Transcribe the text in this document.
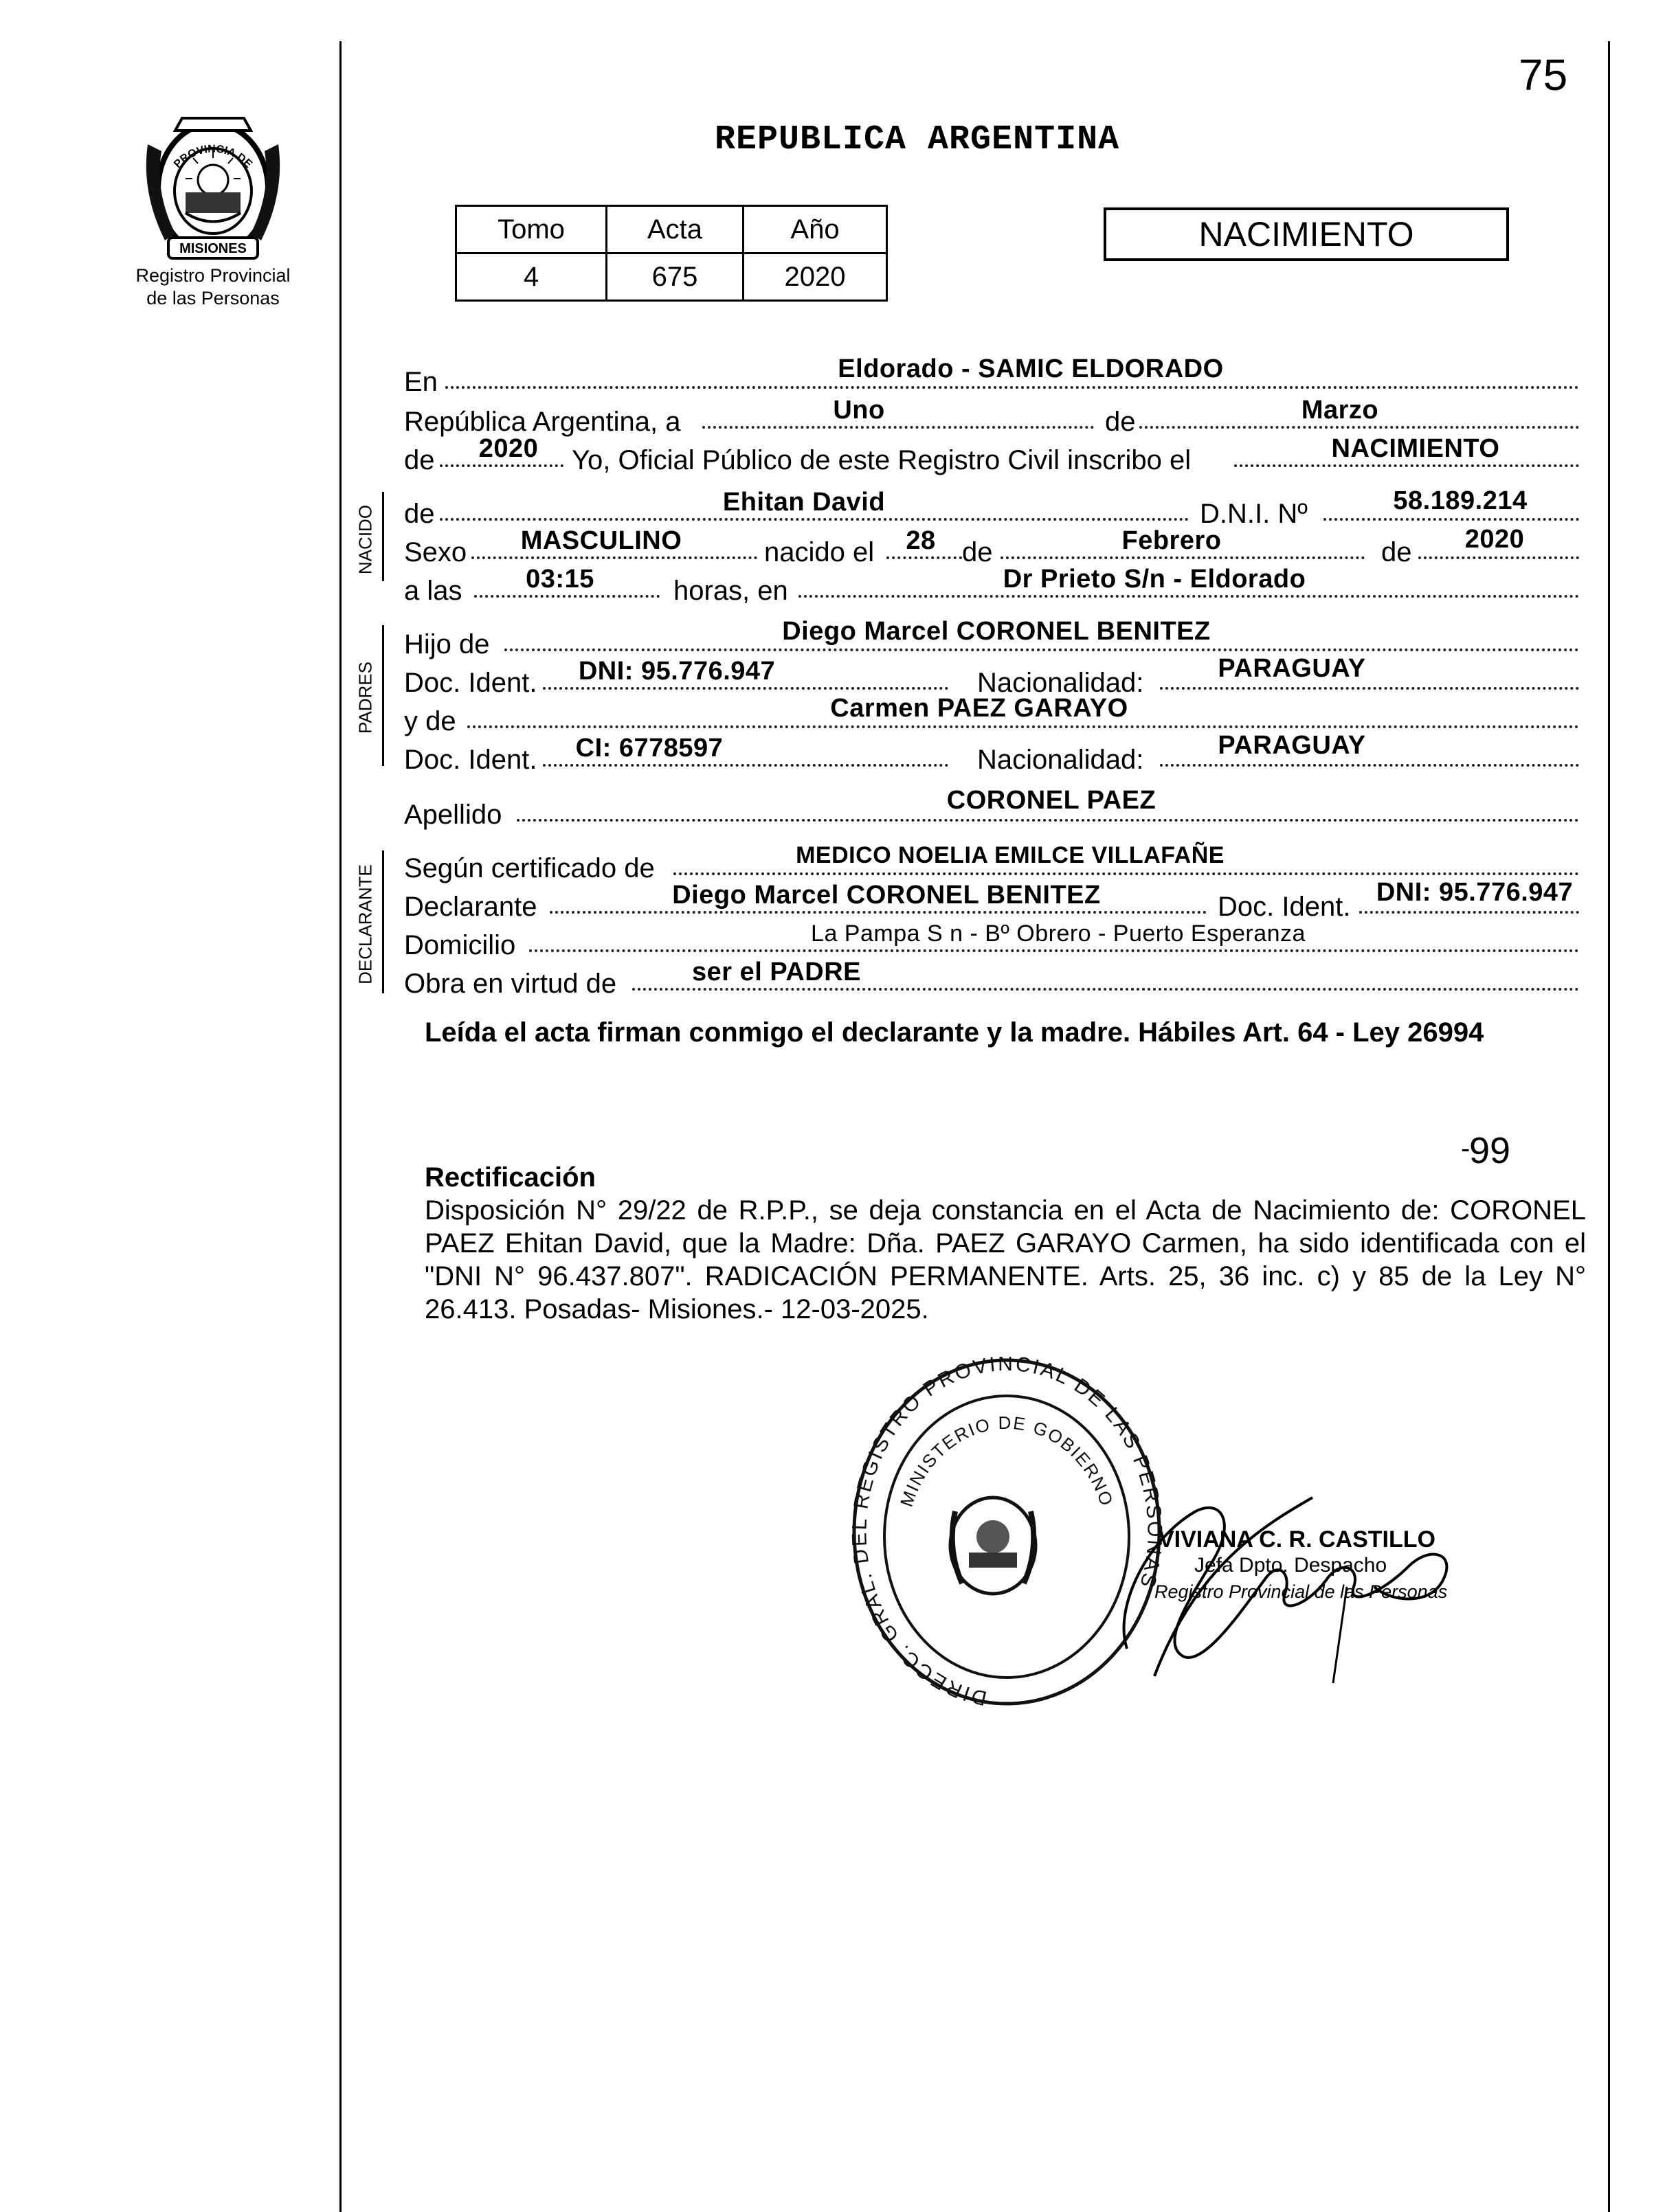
75
PROVINCIA DE
MISIONES
Registro Provincial
de las Personas
REPUBLICA ARGENTINA
Tomo	Acta	Año
4	675	2020
NACIMIENTO
En	Eldorado - SAMIC ELDORADO
República Argentina, a	Uno	de	Marzo
de	2020	Yo, Oficial Público de este Registro Civil inscribo el	NACIMIENTO
NACIDO de	Ehitan David	D.N.I. Nº	58.189.214
Sexo	MASCULINO	nacido el	28 de	Febrero	de	2020
a las	03:15	horas, en	Dr Prieto S/n - Eldorado
PADRES
Hijo de	Diego Marcel CORONEL BENITEZ
Doc. Ident.	DNI: 95.776.947	Nacionalidad:	PARAGUAY
y de	Carmen PAEZ GARAYO
Doc. Ident.	CI: 6778597	Nacionalidad:	PARAGUAY
Apellido	CORONEL PAEZ
DECLARANTE Según certificado de	MEDICO NOELIA EMILCE VILLAFAÑE
Declarante	Diego Marcel CORONEL BENITEZ	Doc. Ident. DNI: 95.776.947
Domicilio	La Pampa S n - Bº Obrero - Puerto Esperanza
Obra en virtud de	ser el PADRE
Leída el acta firman conmigo el declarante y la madre. Hábiles Art. 64 - Ley 26994
-
99
Rectificación
Disposición N° 29/22 de R.P.P., se deja constancia en el Acta de Nacimiento de: CORONEL PAEZ Ehitan David, que la Madre: Dña. PAEZ GARAYO Carmen, ha sido identificada con el "DNI N° 96.437.807". RADICACIÓN PERMANENTE. Arts. 25, 36 inc. c) y 85 de la Ley N° 26.413. Posadas- Misiones.- 12-03-2025.
DIRECC. GRAL. DEL REGISTRO PROVINCIAL DE LAS PERSONAS
MINISTERIO DE GOBIERNO
VIVIANA C. R. CASTILLO
Jefa Dpto. Despacho
Registro Provincial de las Personas
